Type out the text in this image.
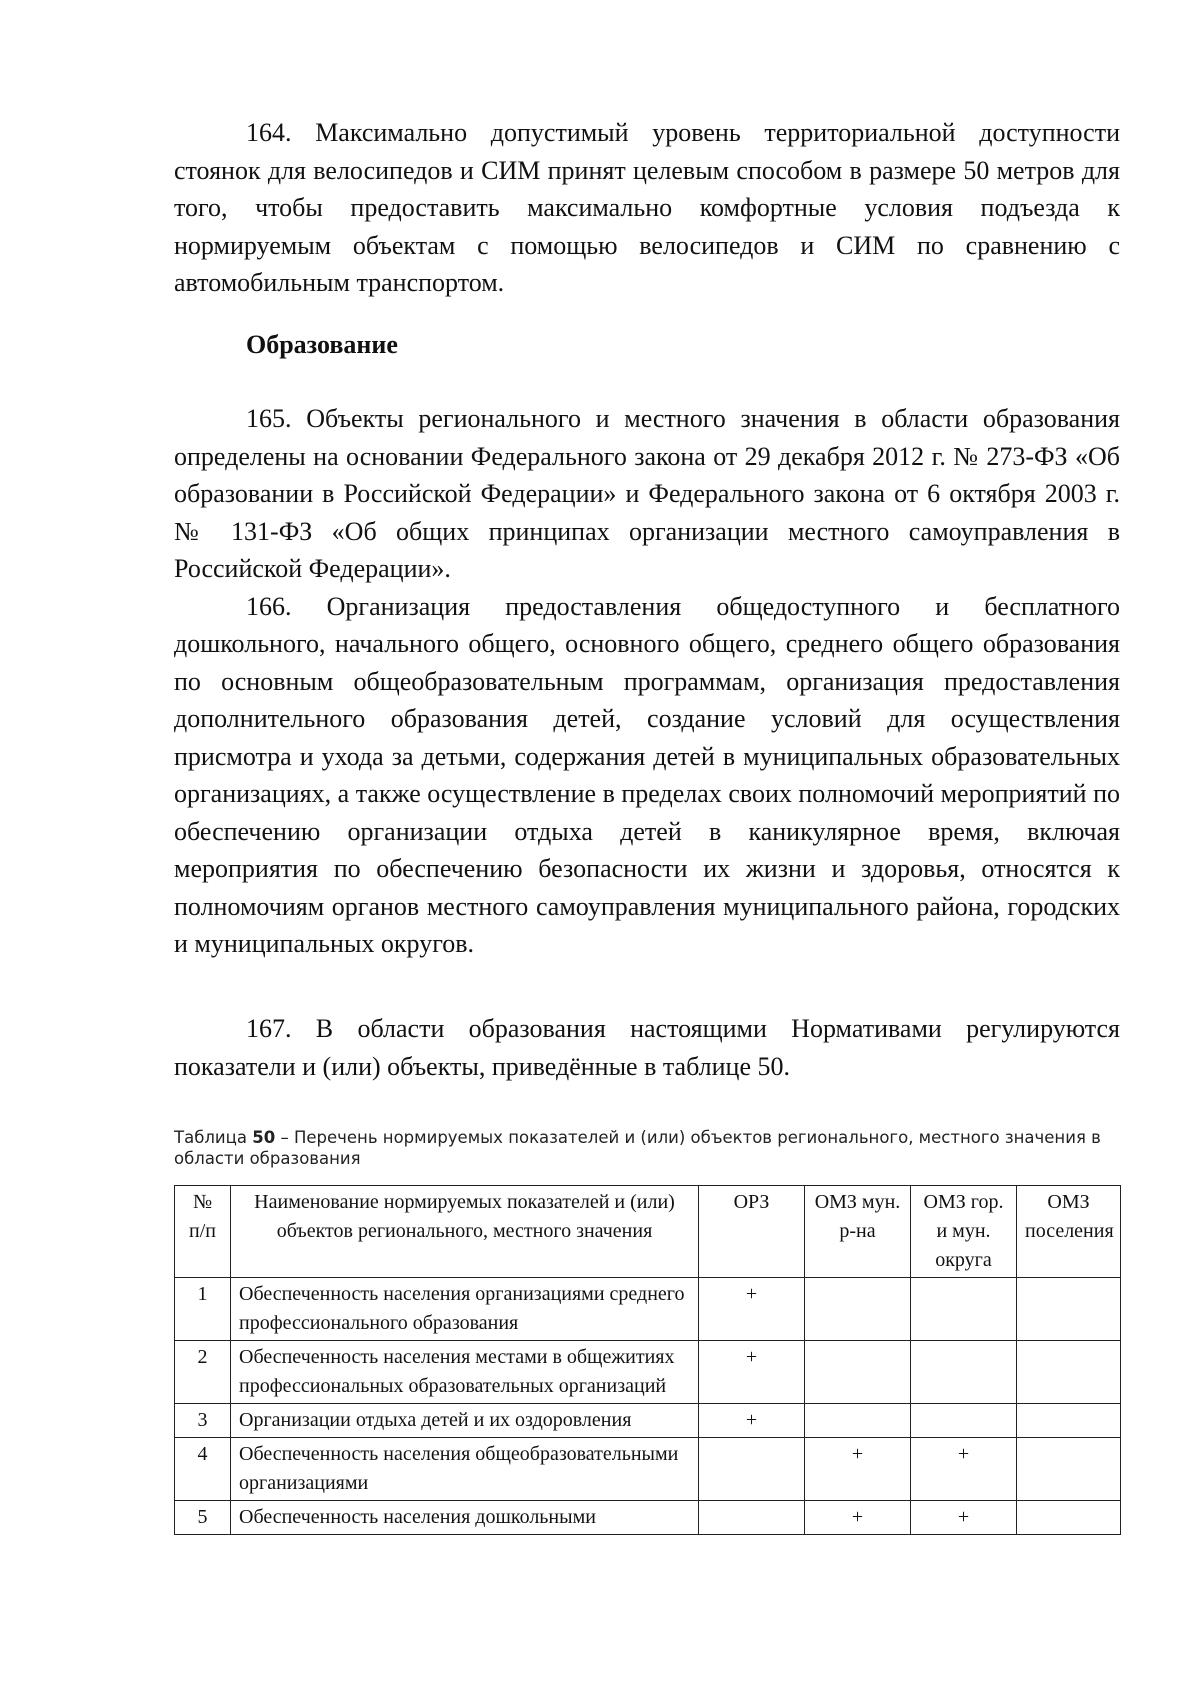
164. Максимально допустимый уровень территориальной доступности стоянок для велосипедов и СИМ принят целевым способом в размере 50 метров для того, чтобы предоставить максимально комфортные условия подъезда к нормируемым объектам с помощью велосипедов и СИМ по сравнению с автомобильным транспортом.

Образование

165. Объекты регионального и местного значения в области образования определены на основании Федерального закона от 29 декабря 2012 г. № 273-ФЗ «Об образовании в Российской Федерации» и Федерального закона от 6 октября 2003 г. № 131-ФЗ «Об общих принципах организации местного самоуправления в Российской Федерации».

166. Организация предоставления общедоступного и бесплатного дошкольного, начального общего, основного общего, среднего общего образования по основным общеобразовательным программам, организация предоставления дополнительного образования детей, создание условий для осуществления присмотра и ухода за детьми, содержания детей в муниципальных образовательных организациях, а также осуществление в пределах своих полномочий мероприятий по обеспечению организации отдыха детей в каникулярное время, включая мероприятия по обеспечению безопасности их жизни и здоровья, относятся к полномочиям органов местного самоуправления муниципального района, городских и муниципальных округов.

167. В области образования настоящими Нормативами регулируются показатели и (или) объекты, приведённые в таблице 50.

Таблица 50 – Перечень нормируемых показателей и (или) объектов регионального, местного значения в области образования
№ п/п	Наименование нормируемых показателей и (или) объектов регионального, местного значения	ОРЗ	ОМЗ мун. р-на	ОМЗ гор. и мун. округа	ОМЗ поселения
1	Обеспеченность населения организациями среднего профессионального образования	+			
2	Обеспеченность населения местами в общежитиях профессиональных образовательных организаций	+			
3	Организации отдыха детей и их оздоровления	+			
4	Обеспеченность населения общеобразовательными организациями		+	+	
5	Обеспеченность населения дошкольными		+	+	
